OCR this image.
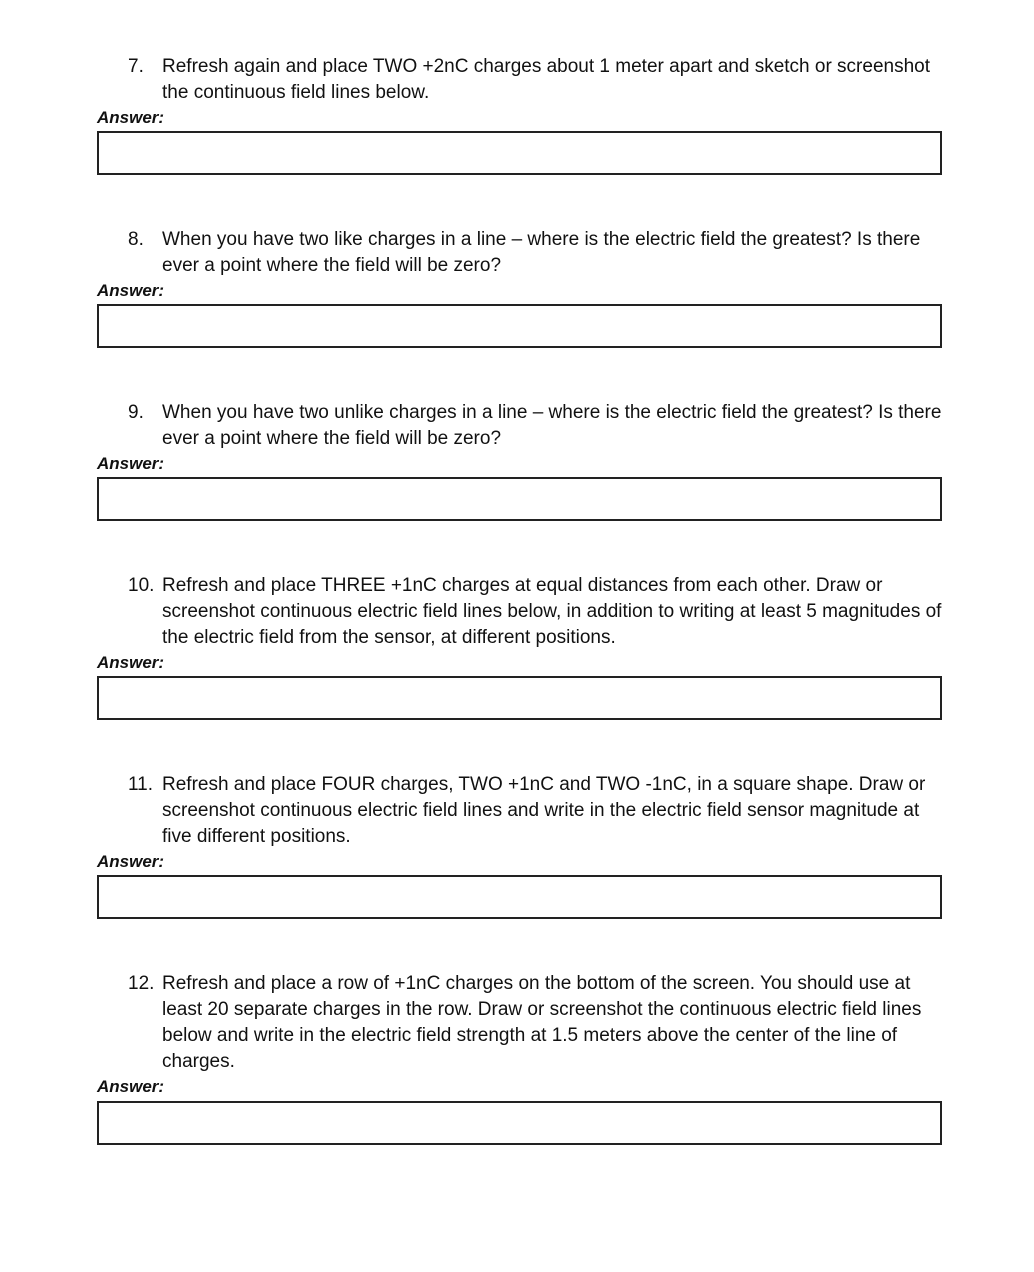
7. Refresh again and place TWO +2nC charges about 1 meter apart and sketch or screenshot the continuous field lines below.
Answer:
8. When you have two like charges in a line – where is the electric field the greatest? Is there ever a point where the field will be zero?
Answer:
9. When you have two unlike charges in a line – where is the electric field the greatest? Is there ever a point where the field will be zero?
Answer:
10. Refresh and place THREE +1nC charges at equal distances from each other. Draw or screenshot continuous electric field lines below, in addition to writing at least 5 magnitudes of the electric field from the sensor, at different positions.
Answer:
11. Refresh and place FOUR charges, TWO +1nC and TWO -1nC, in a square shape. Draw or screenshot continuous electric field lines and write in the electric field sensor magnitude at five different positions.
Answer:
12. Refresh and place a row of +1nC charges on the bottom of the screen. You should use at least 20 separate charges in the row. Draw or screenshot the continuous electric field lines below and write in the electric field strength at 1.5 meters above the center of the line of charges.
Answer:
